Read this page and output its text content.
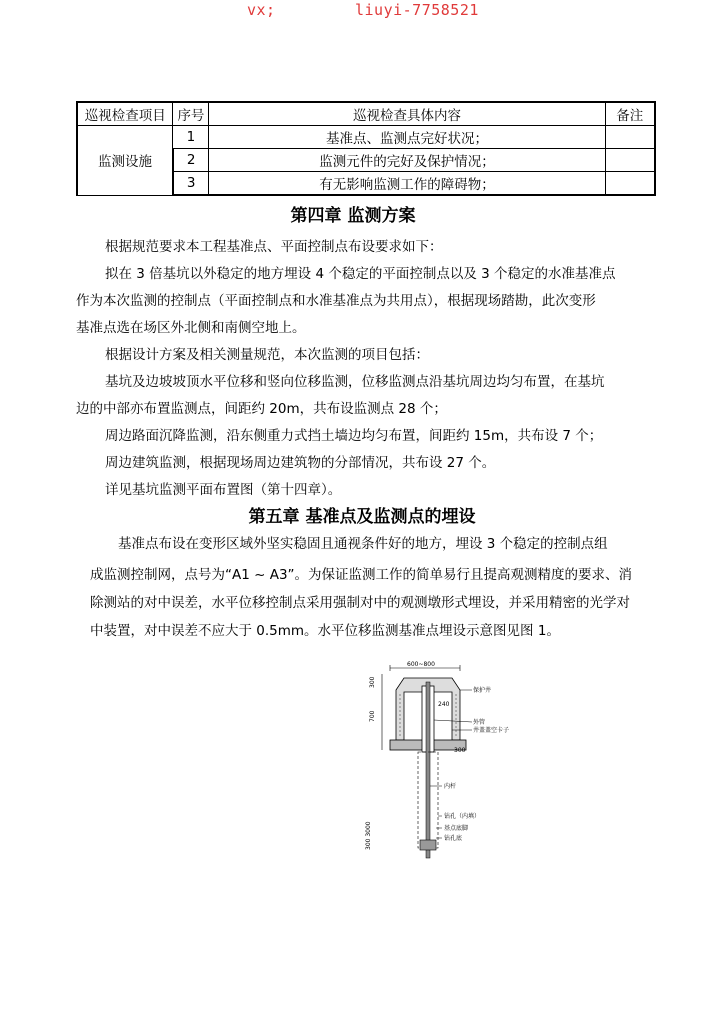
vx;	liuyi-7758521
巡视检查项目	序号	巡视检查具体内容	备注
监测设施	1	基准点、监测点完好状况；	
	2	监测元件的完好及保护情况；	
	3	有无影响监测工作的障碍物；	
第四章 监测方案

根据规范要求本工程基准点、平面控制点布设要求如下：

拟在 3 倍基坑以外稳定的地方埋设 4 个稳定的平面控制点以及 3 个稳定的水准基准点

作为本次监测的控制点（平面控制点和水准基准点为共用点），根据现场踏勘，此次变形

基准点选在场区外北侧和南侧空地上。

根据设计方案及相关测量规范，本次监测的项目包括：

基坑及边坡坡顶水平位移和竖向位移监测，位移监测点沿基坑周边均匀布置，在基坑

边的中部亦布置监测点，间距约 20m，共布设监测点 28 个；

周边路面沉降监测，沿东侧重力式挡土墙边均匀布置，间距约 15m，共布设 7 个；

周边建筑监测，根据现场周边建筑物的分部情况，共布设 27 个。

详见基坑监测平面布置图（第十四章）。

第五章 基准点及监测点的埋设

基准点布设在变形区域外坚实稳固且通视条件好的地方，埋设 3 个稳定的控制点组

成监测控制网，点号为“A1 ~ A3”。为保证监测工作的简单易行且提高观测精度的要求、消

除测站的对中误差，水平位移控制点采用强制对中的观测墩形式埋设，并采用精密的光学对

中装置，对中误差不应大于 0.5mm。水平位移监测基准点埋设示意图见图 1。

600~800
300
700
240
300
300 3000
保护井
外管
井盖盖空卡子
内杆
钻孔（内填）
基点底脚
钻孔底
